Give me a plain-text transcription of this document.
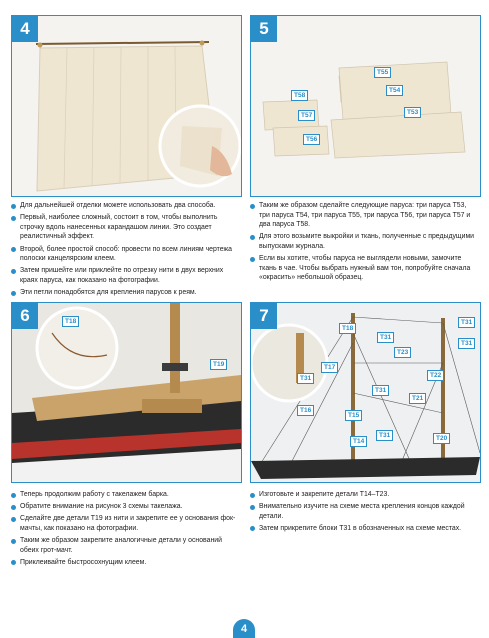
4
T55
T58
T54
T57	T53
T56
5

Для дальнейшей отделки можете использовать два способа.

Первый, наиболее сложный, состоит в том, чтобы выполнить строчку вдоль нанесенных карандашом линии. Это создает реалистичный эффект.

Второй, более простой способ: провести по всем линиям чертежа полоски канцелярским клеем.

Затем пришейте или приклейте по отрезку нити в двух верхних краях паруса, как показано на фотографии.

Эти петли понадобятся для крепления парусов к реям.

Таким же образом сделайте следующие паруса: три паруса T53, три паруса T54, три паруса T55, три паруса T56, три паруса T57 и два паруса T58.

Для этого возьмите выкройки и ткань, полученные с предыдущими выпусками журнала.

Если вы хотите, чтобы паруса не выглядели новыми, замочите ткань в чае. Чтобы выбрать нужный вам тон, попробуйте сначала «окрасить» небольшой образец.

T18
T19
6
T18
T31
T31
T23
T17
T31
T31	T22
T31
T21
T16
T15
T31	T20
T14
7

Теперь продолжим работу с такелажем барка.

Обратите внимание на рисунок 3 схемы такелажа.

Сделайте две детали T19 из нити и закрепите ее у основания фок-мачты, как показано на фотографии.

Таким же образом закрепите аналогичные детали у оснований обеих грот-мачт.

Приклеивайте быстросохнущим клеем.

Изготовьте и закрепите детали T14–T23.

Внимательно изучите на схеме места крепления концов каждой детали.

Затем прикрепите блоки T31 в обозначенных на схеме местах.

4
